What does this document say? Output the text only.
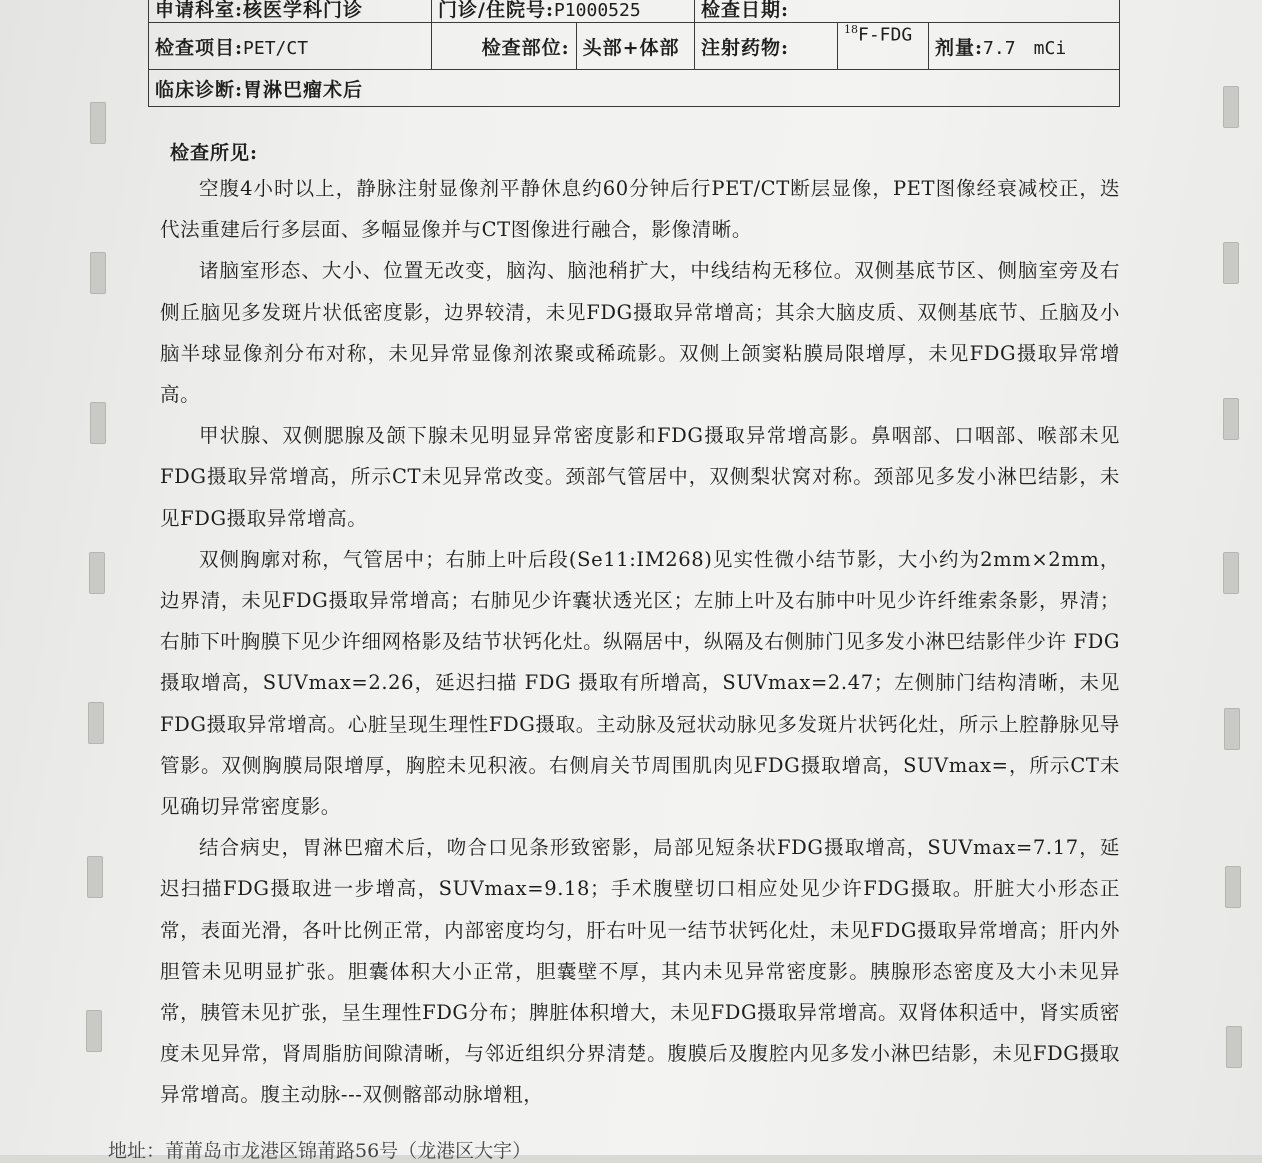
申请科室:核医学科门诊	门诊/住院号:P1000525		检查日期:		
检查项目:PET/CT	检查部位:	头部+体部	注射药物:	$^{18}$F-FDG	剂量:7.7 mCi
临床诊断:胃淋巴瘤术后					
检查所见:

空腹4小时以上，静脉注射显像剂平静休息约60分钟后行PET/CT断层显像，PET图像经衰减校正，迭代法重建后行多层面、多幅显像并与CT图像进行融合，影像清晰。

诸脑室形态、大小、位置无改变，脑沟、脑池稍扩大，中线结构无移位。双侧基底节区、侧脑室旁及右侧丘脑见多发斑片状低密度影，边界较清，未见FDG摄取异常增高；其余大脑皮质、双侧基底节、丘脑及小脑半球显像剂分布对称，未见异常显像剂浓聚或稀疏影。双侧上颌窦粘膜局限增厚，未见FDG摄取异常增高。

甲状腺、双侧腮腺及颌下腺未见明显异常密度影和FDG摄取异常增高影。鼻咽部、口咽部、喉部未见FDG摄取异常增高，所示CT未见异常改变。颈部气管居中，双侧梨状窝对称。颈部见多发小淋巴结影，未见FDG摄取异常增高。

双侧胸廓对称，气管居中；右肺上叶后段(Se11:IM268)见实性微小结节影，大小约为2mm×2mm，边界清，未见FDG摄取异常增高；右肺见少许囊状透光区；左肺上叶及右肺中叶见少许纤维索条影，界清；右肺下叶胸膜下见少许细网格影及结节状钙化灶。纵隔居中，纵隔及右侧肺门见多发小淋巴结影伴少许 FDG 摄取增高，SUVmax=2.26，延迟扫描 FDG 摄取有所增高，SUVmax=2.47；左侧肺门结构清晰，未见FDG摄取异常增高。心脏呈现生理性FDG摄取。主动脉及冠状动脉见多发斑片状钙化灶，所示上腔静脉见导管影。双侧胸膜局限增厚，胸腔未见积液。右侧肩关节周围肌肉见FDG摄取增高，SUVmax=，所示CT未见确切异常密度影。

结合病史，胃淋巴瘤术后，吻合口见条形致密影，局部见短条状FDG摄取增高，SUVmax=7.17，延迟扫描FDG摄取进一步增高，SUVmax=9.18；手术腹壁切口相应处见少许FDG摄取。肝脏大小形态正常，表面光滑，各叶比例正常，内部密度均匀，肝右叶见一结节状钙化灶，未见FDG摄取异常增高；肝内外胆管未见明显扩张。胆囊体积大小正常，胆囊壁不厚，其内未见异常密度影。胰腺形态密度及大小未见异常，胰管未见扩张，呈生理性FDG分布；脾脏体积增大，未见FDG摄取异常增高。双肾体积适中，肾实质密度未见异常，肾周脂肪间隙清晰，与邻近组织分界清楚。腹膜后及腹腔内见多发小淋巴结影，未见FDG摄取异常增高。腹主动脉---双侧髂部动脉增粗，

地址：莆莆岛市龙港区锦莆路56号（龙港区大宇）
